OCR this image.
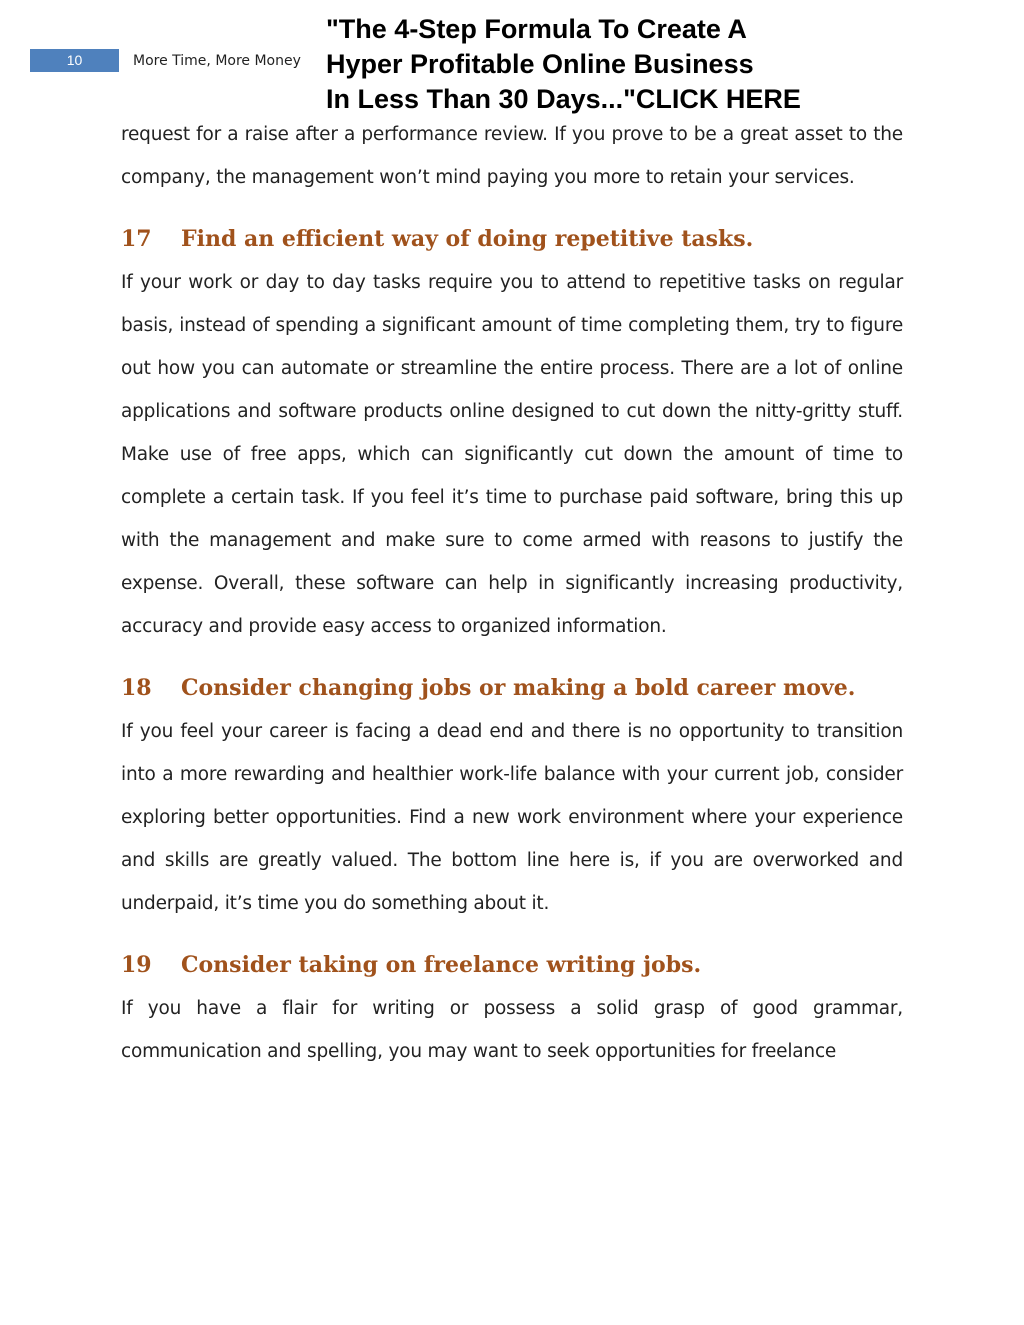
10	More Time, More Money
"The 4-Step Formula To Create A
Hyper Profitable Online Business
In Less Than 30 Days..."CLICK HERE

request for a raise after a performance review. If you prove to be a great asset to the company, the management won’t mind paying you more to retain your services.

17	Find an efficient way of doing repetitive tasks.

If your work or day to day tasks require you to attend to repetitive tasks on regular basis, instead of spending a significant amount of time completing them, try to figure out how you can automate or streamline the entire process. There are a lot of online applications and software products online designed to cut down the nitty-gritty stuff. Make use of free apps, which can significantly cut down the amount of time to complete a certain task. If you feel it’s time to purchase paid software, bring this up with the management and make sure to come armed with reasons to justify the expense. Overall, these software can help in significantly increasing productivity, accuracy and provide easy access to organized information.

18	Consider changing jobs or making a bold career move.

If you feel your career is facing a dead end and there is no opportunity to transition into a more rewarding and healthier work-life balance with your current job, consider exploring better opportunities. Find a new work environment where your experience and skills are greatly valued. The bottom line here is, if you are overworked and underpaid, it’s time you do something about it.

19	Consider taking on freelance writing jobs.

If you have a flair for writing or possess a solid grasp of good grammar, communication and spelling, you may want to seek opportunities for freelance
